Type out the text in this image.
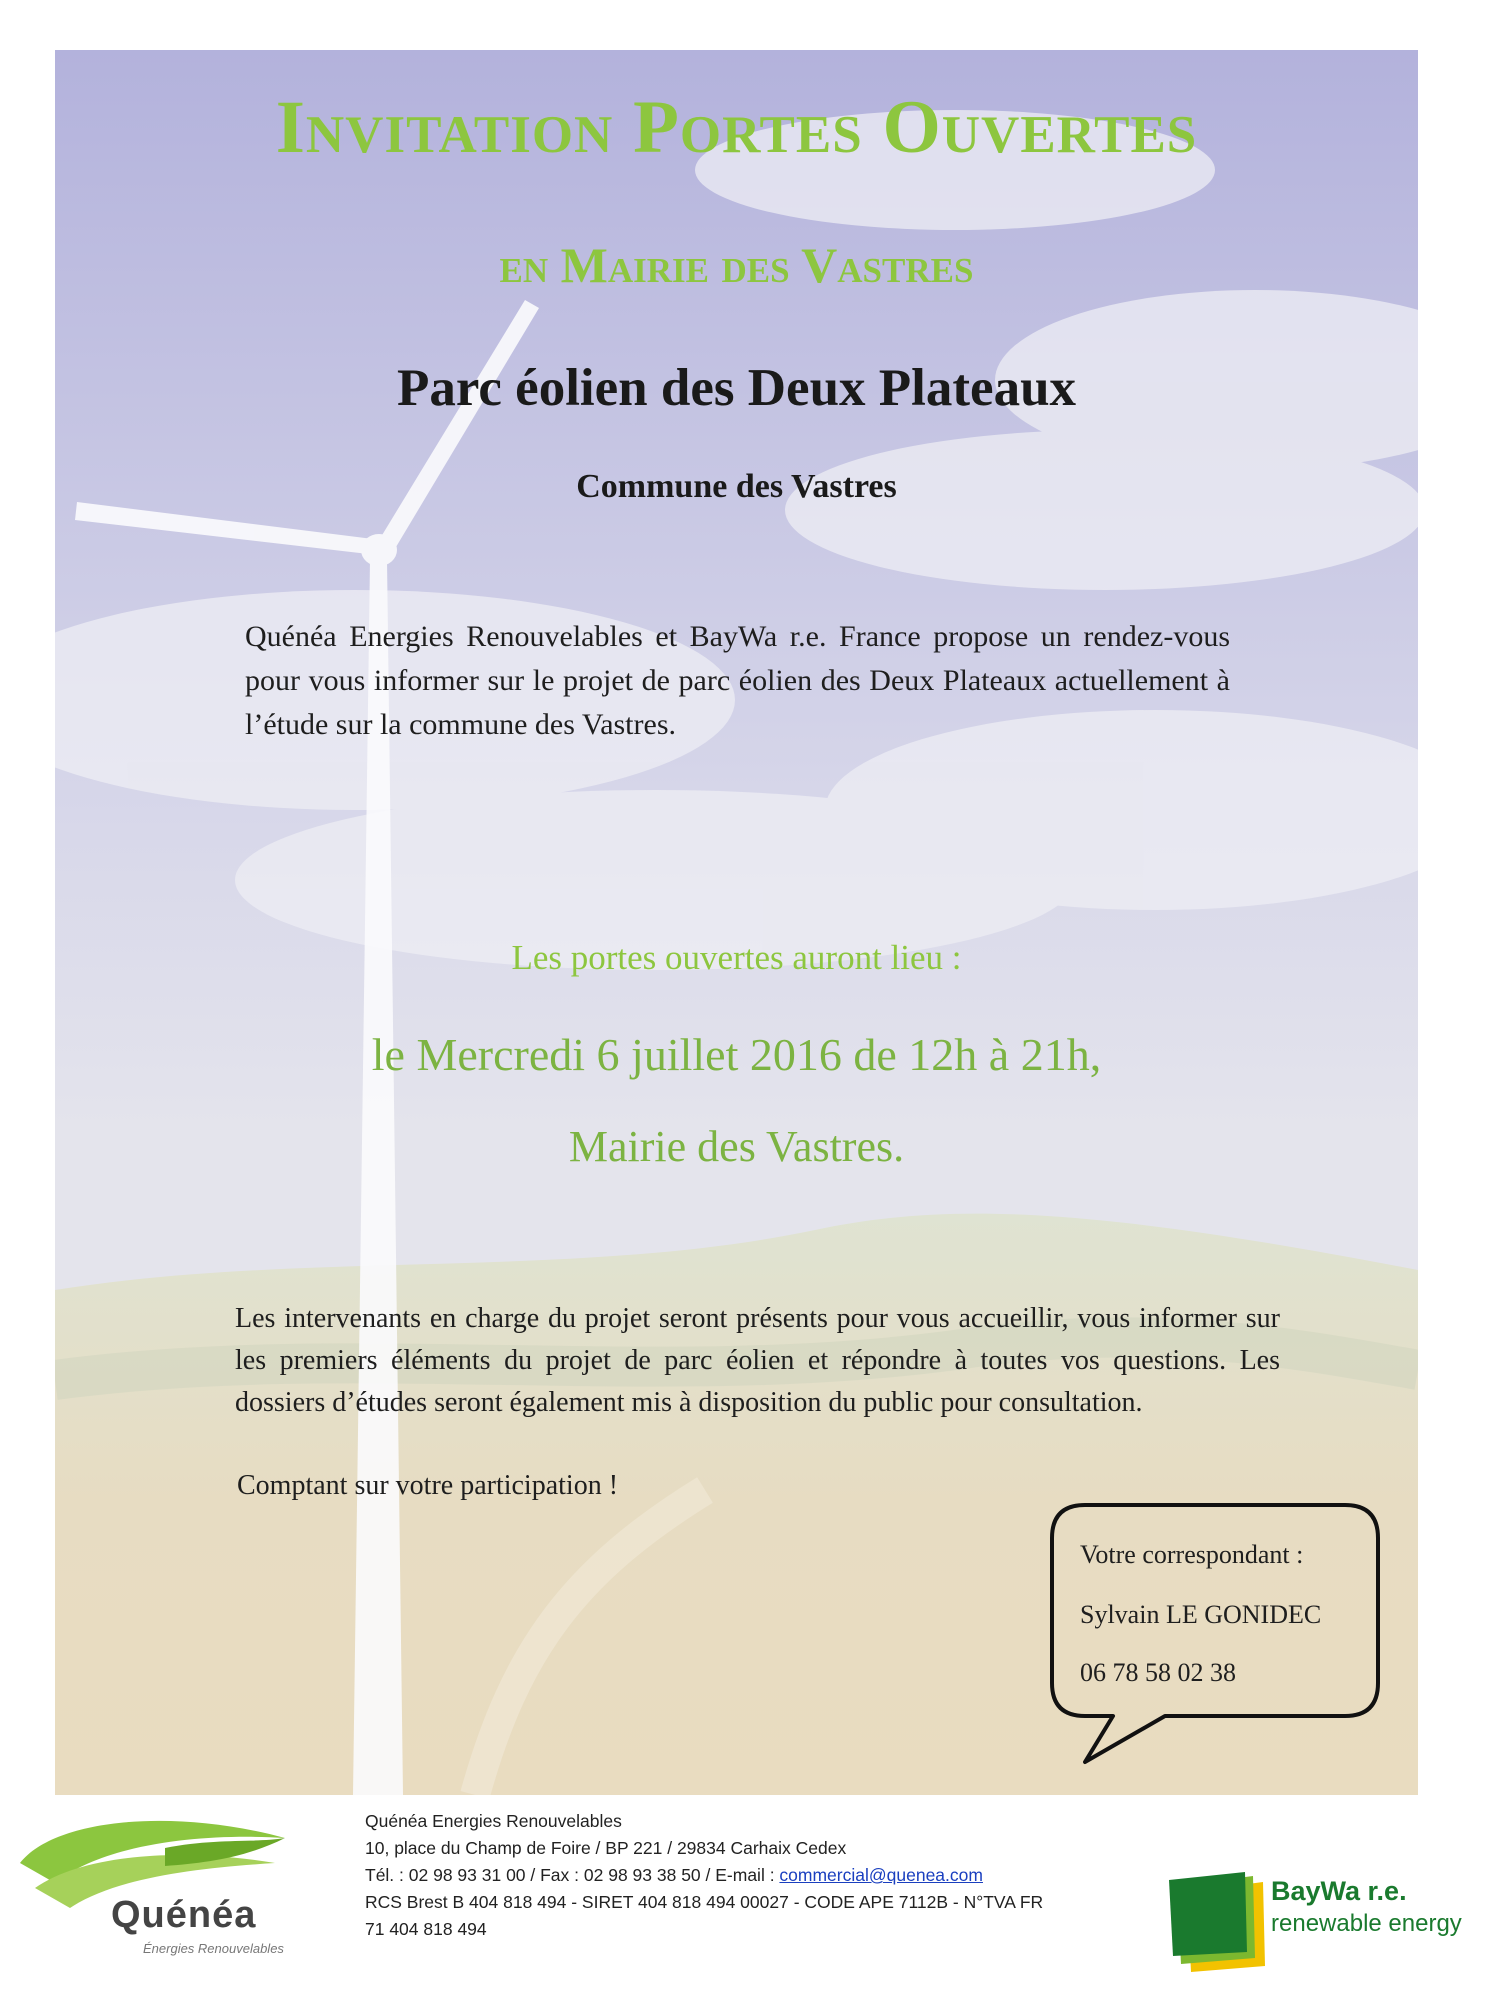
Invitation Portes Ouvertes
en Mairie des Vastres
Parc éolien des Deux Plateaux
Commune des Vastres
Quénéa Energies Renouvelables et BayWa r.e. France propose un rendez-vous pour vous informer sur le projet de parc éolien des Deux Plateaux actuellement à l’étude sur la commune des Vastres.
Les portes ouvertes auront lieu :
le Mercredi 6 juillet 2016 de 12h à 21h,
Mairie des Vastres.
Les intervenants en charge du projet seront présents pour vous accueillir, vous informer sur les premiers éléments du projet de parc éolien et répondre à toutes vos questions. Les dossiers d’études seront également mis à disposition du public pour consultation.
Comptant sur votre participation !
Votre correspondant :
Sylvain LE GONIDEC
06 78 58 02 38
Quénéa
Énergies Renouvelables
Quénéa Energies Renouvelables
10, place du Champ de Foire / BP 221 / 29834 Carhaix Cedex
Tél. : 02 98 93 31 00 / Fax : 02 98 93 38 50 / E-mail : commercial@quenea.com
RCS Brest B 404 818 494 - SIRET 404 818 494 00027 - CODE APE 7112B - N°TVA FR
71 404 818 494
BayWa r.e.
renewable energy
